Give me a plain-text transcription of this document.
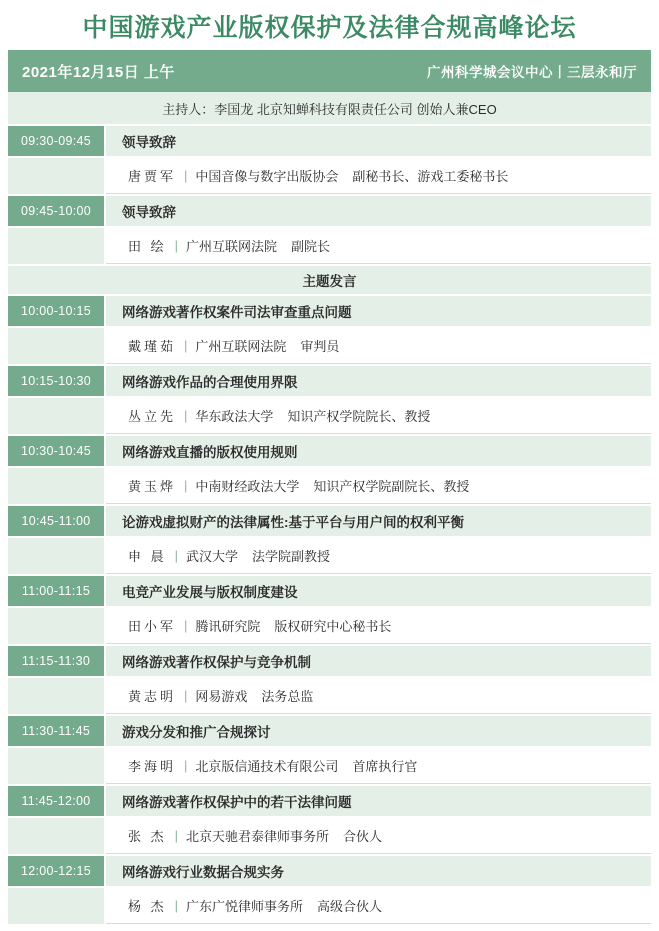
中国游戏产业版权保护及法律合规高峰论坛
2021年12月15日 上午	广州科学城会议中心丨三层永和厅
主持人：李国龙 北京知蝉科技有限责任公司 创始人兼CEO
09:30-09:45	领导致辞
唐贾军 | 中国音像与数字出版协会 副秘书长、游戏工委秘书长
09:45-10:00	领导致辞
田 绘 | 广州互联网法院 副院长
主题发言
10:00-10:15	网络游戏著作权案件司法审查重点问题
戴瑾茹 | 广州互联网法院 审判员
10:15-10:30	网络游戏作品的合理使用界限
丛立先 | 华东政法大学 知识产权学院院长、教授
10:30-10:45	网络游戏直播的版权使用规则
黄玉烨 | 中南财经政法大学 知识产权学院副院长、教授
10:45-11:00	论游戏虚拟财产的法律属性:基于平台与用户间的权利平衡
申 晨 | 武汉大学 法学院副教授
11:00-11:15	电竞产业发展与版权制度建设
田小军 | 腾讯研究院 版权研究中心秘书长
11:15-11:30	网络游戏著作权保护与竞争机制
黄志明 | 网易游戏 法务总监
11:30-11:45	游戏分发和推广合规探讨
李海明 | 北京版信通技术有限公司 首席执行官
11:45-12:00	网络游戏著作权保护中的若干法律问题
张 杰 | 北京天驰君泰律师事务所 合伙人
12:00-12:15	网络游戏行业数据合规实务
杨 杰 | 广东广悦律师事务所 高级合伙人
